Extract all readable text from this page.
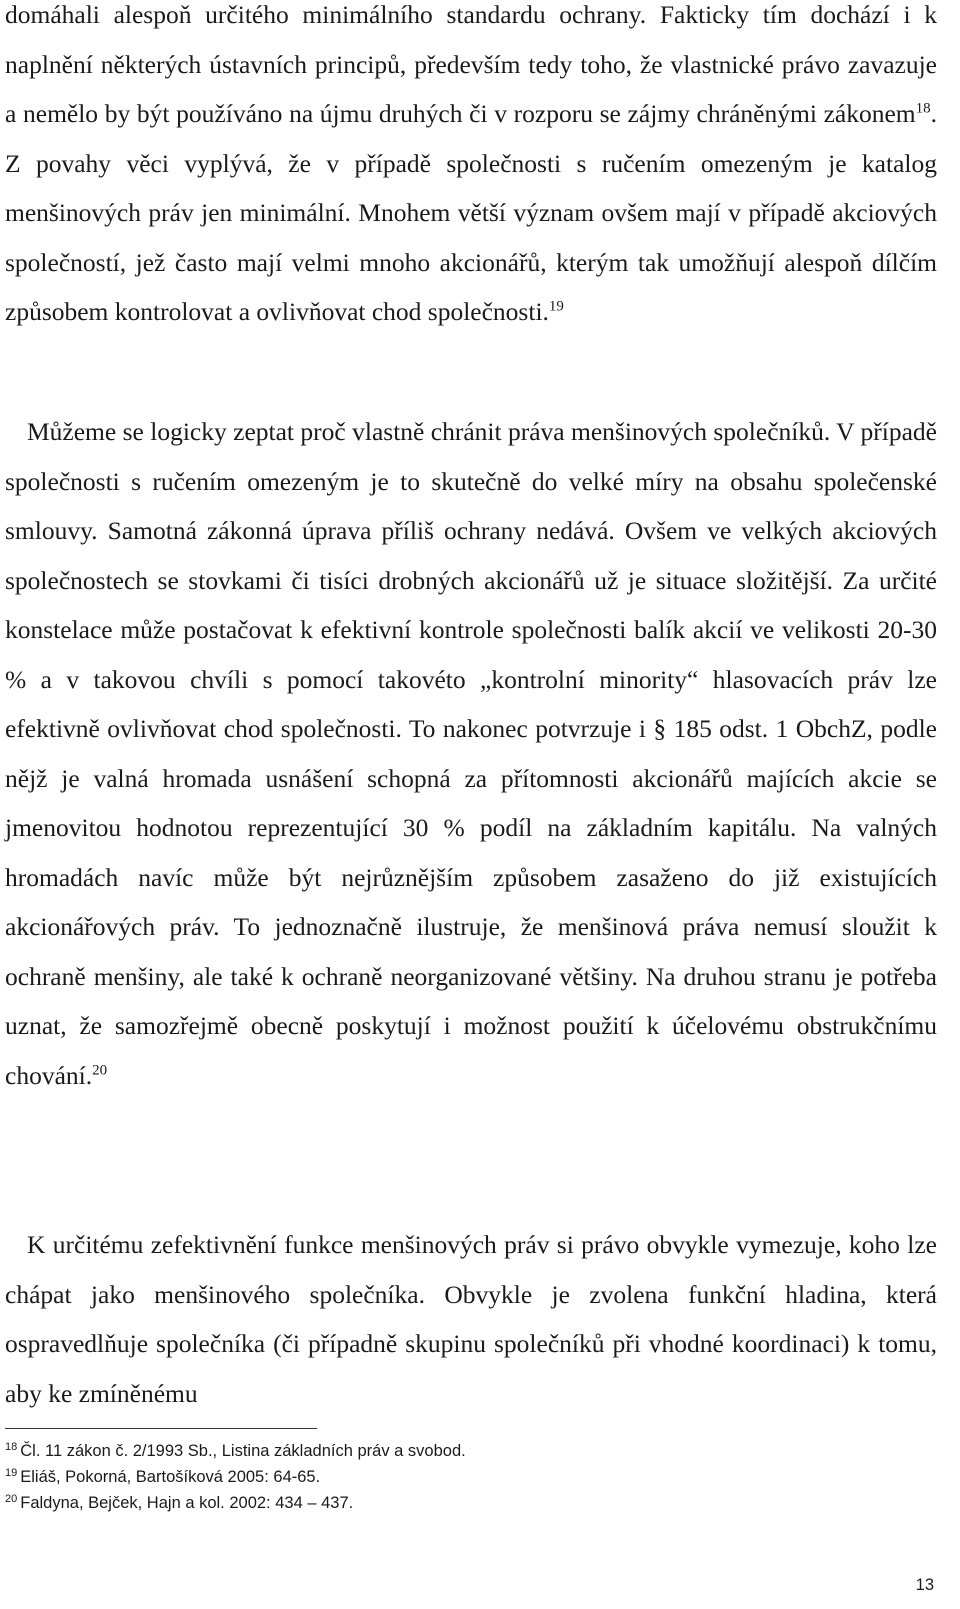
domáhali alespoň určitého minimálního standardu ochrany. Fakticky tím dochází i k naplnění některých ústavních principů, především tedy toho, že vlastnické právo zavazuje a nemělo by být používáno na újmu druhých či v rozporu se zájmy chráněnými zákonem$^{18}$. Z povahy věci vyplývá, že v případě společnosti s ručením omezeným je katalog menšinových práv jen minimální. Mnohem větší význam ovšem mají v případě akciových společností, jež často mají velmi mnoho akcionářů, kterým tak umožňují alespoň dílčím způsobem kontrolovat a ovlivňovat chod společnosti.$^{19}$

Můžeme se logicky zeptat proč vlastně chránit práva menšinových společníků. V případě společnosti s ručením omezeným je to skutečně do velké míry na obsahu společenské smlouvy. Samotná zákonná úprava příliš ochrany nedává. Ovšem ve velkých akciových společnostech se stovkami či tisíci drobných akcionářů už je situace složitější. Za určité konstelace může postačovat k efektivní kontrole společnosti balík akcií ve velikosti 20-30 % a v takovou chvíli s pomocí takovéto „kontrolní minority“ hlasovacích práv lze efektivně ovlivňovat chod společnosti. To nakonec potvrzuje i § 185 odst. 1 ObchZ, podle nějž je valná hromada usnášení schopná za přítomnosti akcionářů majících akcie se jmenovitou hodnotou reprezentující 30 % podíl na základním kapitálu. Na valných hromadách navíc může být nejrůznějším způsobem zasaženo do již existujících akcionářových práv. To jednoznačně ilustruje, že menšinová práva nemusí sloužit k ochraně menšiny, ale také k ochraně neorganizované většiny. Na druhou stranu je potřeba uznat, že samozřejmě obecně poskytují i možnost použití k účelovému obstrukčnímu chování.$^{20}$

K určitému zefektivnění funkce menšinových práv si právo obvykle vymezuje, koho lze chápat jako menšinového společníka. Obvykle je zvolena funkční hladina, která ospravedlňuje společníka (či případně skupinu společníků při vhodné koordinaci) k tomu, aby ke zmíněnému

$^{18}$ Čl. 11 zákon č. 2/1993 Sb., Listina základních práv a svobod.
$^{19}$ Eliáš, Pokorná, Bartošíková 2005: 64-65.
$^{20}$ Faldyna, Bejček, Hajn a kol. 2002: 434 – 437.
13
